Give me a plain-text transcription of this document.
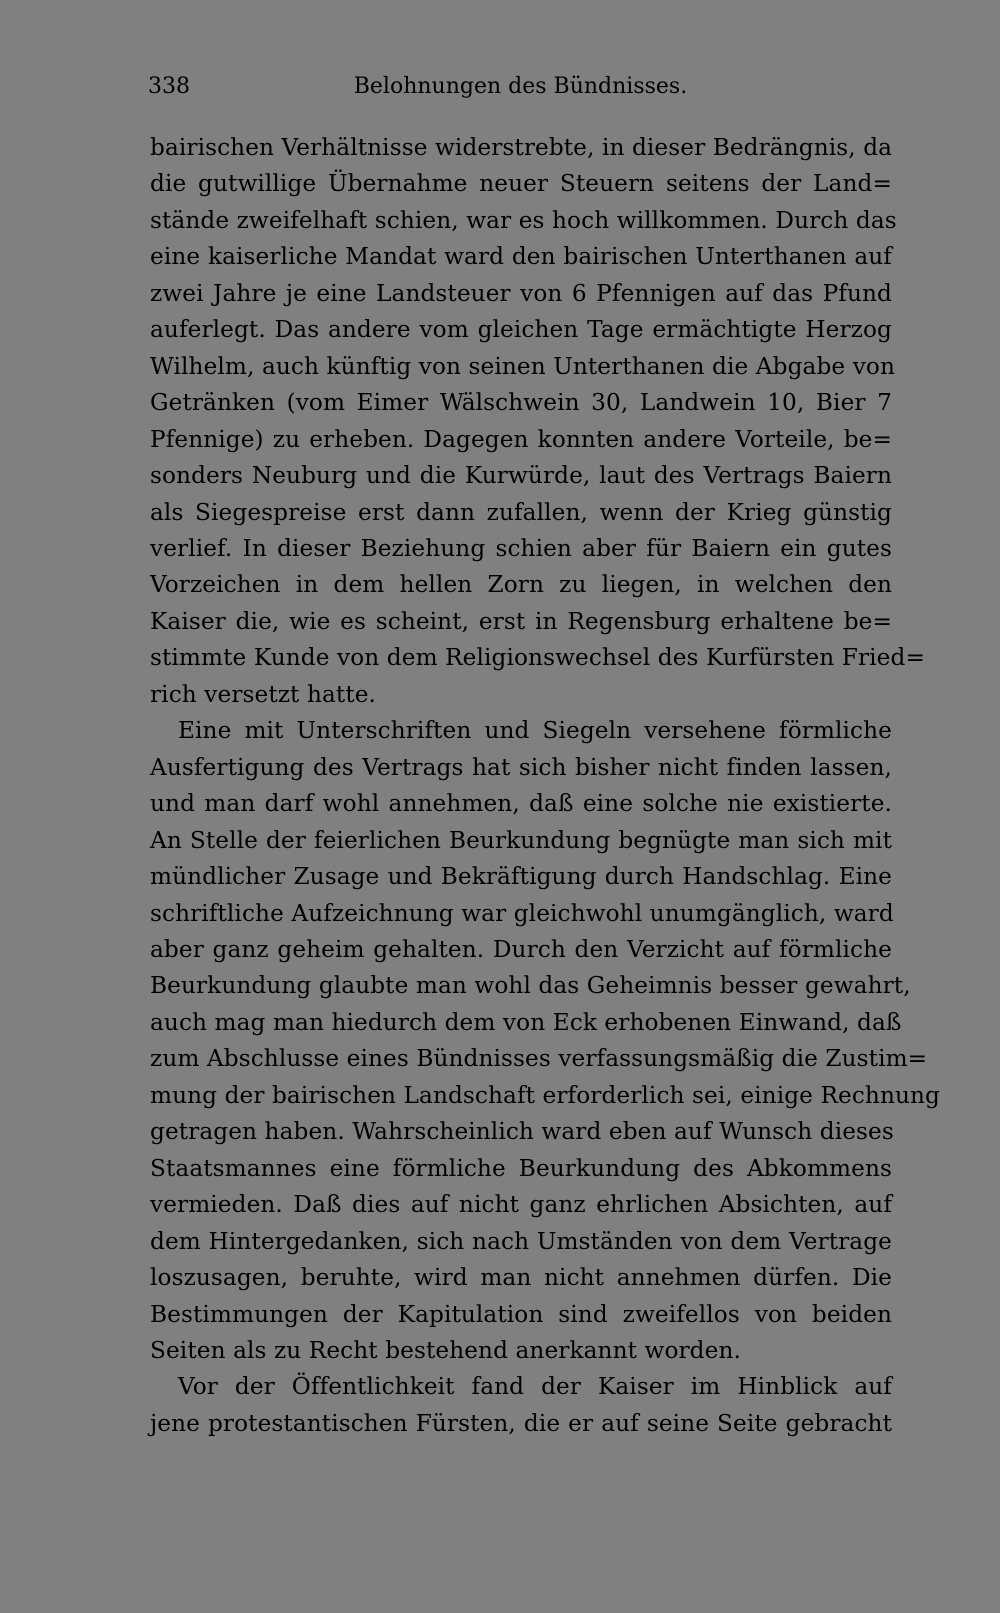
338	Belohnungen des Bündnisses.

bairischen Verhältnisse widerstrebte, in dieser Bedrängnis, da
die gutwillige Übernahme neuer Steuern seitens der Land=
stände zweifelhaft schien, war es hoch willkommen. Durch das
eine kaiserliche Mandat ward den bairischen Unterthanen auf
zwei Jahre je eine Landsteuer von 6 Pfennigen auf das Pfund
auferlegt. Das andere vom gleichen Tage ermächtigte Herzog
Wilhelm, auch künftig von seinen Unterthanen die Abgabe von
Getränken (vom Eimer Wälschwein 30, Landwein 10, Bier 7
Pfennige) zu erheben. Dagegen konnten andere Vorteile, be=
sonders Neuburg und die Kurwürde, laut des Vertrags Baiern
als Siegespreise erst dann zufallen, wenn der Krieg günstig
verlief. In dieser Beziehung schien aber für Baiern ein gutes
Vorzeichen in dem hellen Zorn zu liegen, in welchen den
Kaiser die, wie es scheint, erst in Regensburg erhaltene be=
stimmte Kunde von dem Religionswechsel des Kurfürsten Fried=
rich versetzt hatte.

Eine mit Unterschriften und Siegeln versehene förmliche
Ausfertigung des Vertrags hat sich bisher nicht finden lassen,
und man darf wohl annehmen, daß eine solche nie existierte.
An Stelle der feierlichen Beurkundung begnügte man sich mit
mündlicher Zusage und Bekräftigung durch Handschlag. Eine
schriftliche Aufzeichnung war gleichwohl unumgänglich, ward
aber ganz geheim gehalten. Durch den Verzicht auf förmliche
Beurkundung glaubte man wohl das Geheimnis besser gewahrt,
auch mag man hiedurch dem von Eck erhobenen Einwand, daß
zum Abschlusse eines Bündnisses verfassungsmäßig die Zustim=
mung der bairischen Landschaft erforderlich sei, einige Rechnung
getragen haben. Wahrscheinlich ward eben auf Wunsch dieses
Staatsmannes eine förmliche Beurkundung des Abkommens
vermieden. Daß dies auf nicht ganz ehrlichen Absichten, auf
dem Hintergedanken, sich nach Umständen von dem Vertrage
loszusagen, beruhte, wird man nicht annehmen dürfen. Die
Bestimmungen der Kapitulation sind zweifellos von beiden
Seiten als zu Recht bestehend anerkannt worden.

Vor der Öffentlichkeit fand der Kaiser im Hinblick auf
jene protestantischen Fürsten, die er auf seine Seite gebracht
